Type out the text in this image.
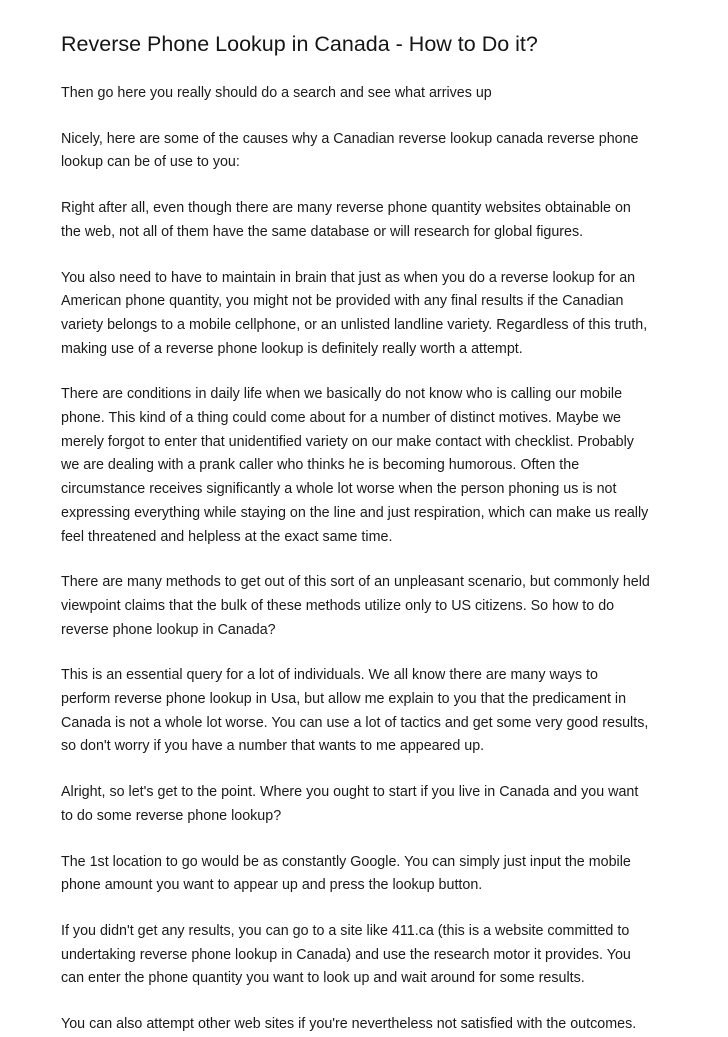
Reverse Phone Lookup in Canada - How to Do it?

Then go here you really should do a search and see what arrives up

Nicely, here are some of the causes why a Canadian reverse lookup canada reverse phone
lookup can be of use to you:

Right after all, even though there are many reverse phone quantity websites obtainable on
the web, not all of them have the same database or will research for global figures.

You also need to have to maintain in brain that just as when you do a reverse lookup for an
American phone quantity, you might not be provided with any final results if the Canadian
variety belongs to a mobile cellphone, or an unlisted landline variety. Regardless of this truth,
making use of a reverse phone lookup is definitely really worth a attempt.

There are conditions in daily life when we basically do not know who is calling our mobile
phone. This kind of a thing could come about for a number of distinct motives. Maybe we
merely forgot to enter that unidentified variety on our make contact with checklist. Probably
we are dealing with a prank caller who thinks he is becoming humorous. Often the
circumstance receives significantly a whole lot worse when the person phoning us is not
expressing everything while staying on the line and just respiration, which can make us really
feel threatened and helpless at the exact same time.

There are many methods to get out of this sort of an unpleasant scenario, but commonly held
viewpoint claims that the bulk of these methods utilize only to US citizens. So how to do
reverse phone lookup in Canada?

This is an essential query for a lot of individuals. We all know there are many ways to
perform reverse phone lookup in Usa, but allow me explain to you that the predicament in
Canada is not a whole lot worse. You can use a lot of tactics and get some very good results,
so don't worry if you have a number that wants to me appeared up.

Alright, so let's get to the point. Where you ought to start if you live in Canada and you want
to do some reverse phone lookup?

The 1st location to go would be as constantly Google. You can simply just input the mobile
phone amount you want to appear up and press the lookup button.

If you didn't get any results, you can go to a site like 411.ca (this is a website committed to
undertaking reverse phone lookup in Canada) and use the research motor it provides. You
can enter the phone quantity you want to look up and wait around for some results.

You can also attempt other web sites if you're nevertheless not satisfied with the outcomes.
